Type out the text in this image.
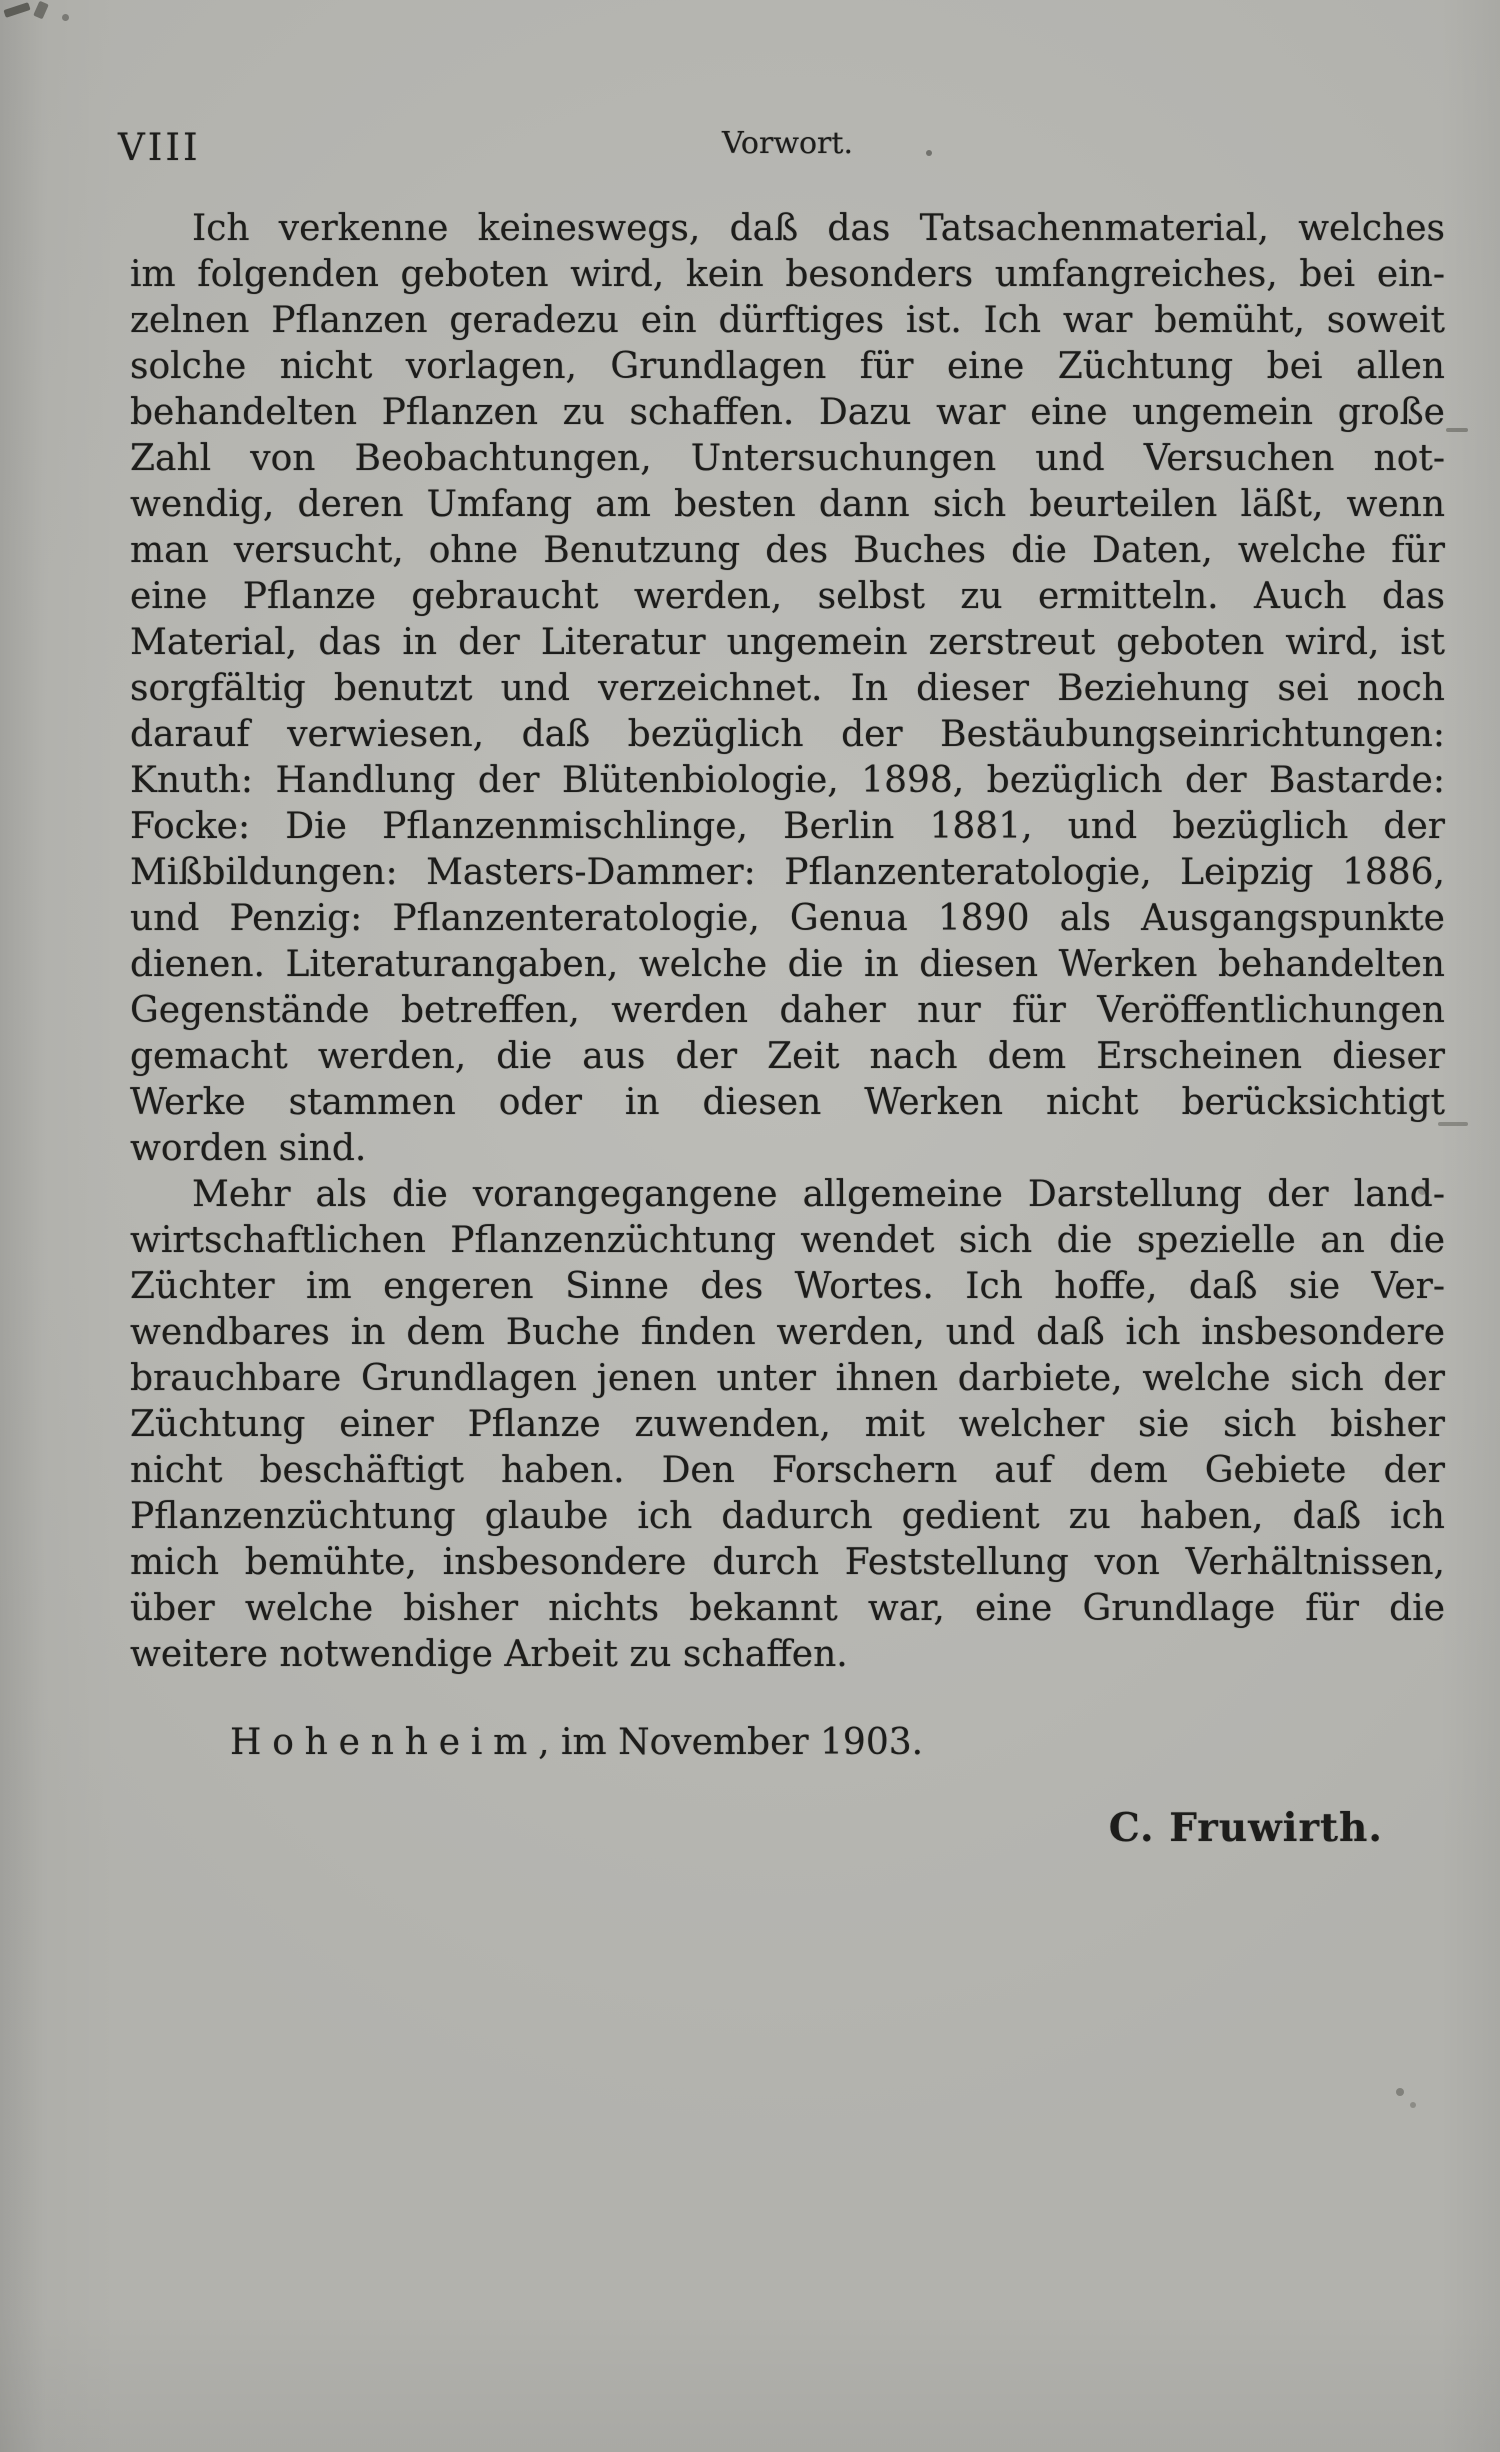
VIII	Vorwort.
Ich verkenne keineswegs, daß das Tatsachenmaterial, welches
im folgenden geboten wird, kein besonders umfangreiches, bei ein-
zelnen Pflanzen geradezu ein dürftiges ist. Ich war bemüht, soweit
solche nicht vorlagen, Grundlagen für eine Züchtung bei allen
behandelten Pflanzen zu schaffen. Dazu war eine ungemein große
Zahl von Beobachtungen, Untersuchungen und Versuchen not-
wendig, deren Umfang am besten dann sich beurteilen läßt, wenn
man versucht, ohne Benutzung des Buches die Daten, welche für
eine Pflanze gebraucht werden, selbst zu ermitteln. Auch das
Material, das in der Literatur ungemein zerstreut geboten wird, ist
sorgfältig benutzt und verzeichnet. In dieser Beziehung sei noch
darauf verwiesen, daß bezüglich der Bestäubungseinrichtungen:
Knuth: Handlung der Blütenbiologie, 1898, bezüglich der Bastarde:
Focke: Die Pflanzenmischlinge, Berlin 1881, und bezüglich der
Mißbildungen: Masters-Dammer: Pflanzenteratologie, Leipzig 1886,
und Penzig: Pflanzenteratologie, Genua 1890 als Ausgangspunkte
dienen. Literaturangaben, welche die in diesen Werken behandelten
Gegenstände betreffen, werden daher nur für Veröffentlichungen
gemacht werden, die aus der Zeit nach dem Erscheinen dieser
Werke stammen oder in diesen Werken nicht berücksichtigt
worden sind.
Mehr als die vorangegangene allgemeine Darstellung der land-
wirtschaftlichen Pflanzenzüchtung wendet sich die spezielle an die
Züchter im engeren Sinne des Wortes. Ich hoffe, daß sie Ver-
wendbares in dem Buche finden werden, und daß ich insbesondere
brauchbare Grundlagen jenen unter ihnen darbiete, welche sich der
Züchtung einer Pflanze zuwenden, mit welcher sie sich bisher
nicht beschäftigt haben. Den Forschern auf dem Gebiete der
Pflanzenzüchtung glaube ich dadurch gedient zu haben, daß ich
mich bemühte, insbesondere durch Feststellung von Verhältnissen,
über welche bisher nichts bekannt war, eine Grundlage für die
weitere notwendige Arbeit zu schaffen.
Hohenheim, im November 1903.
C. Fruwirth.
